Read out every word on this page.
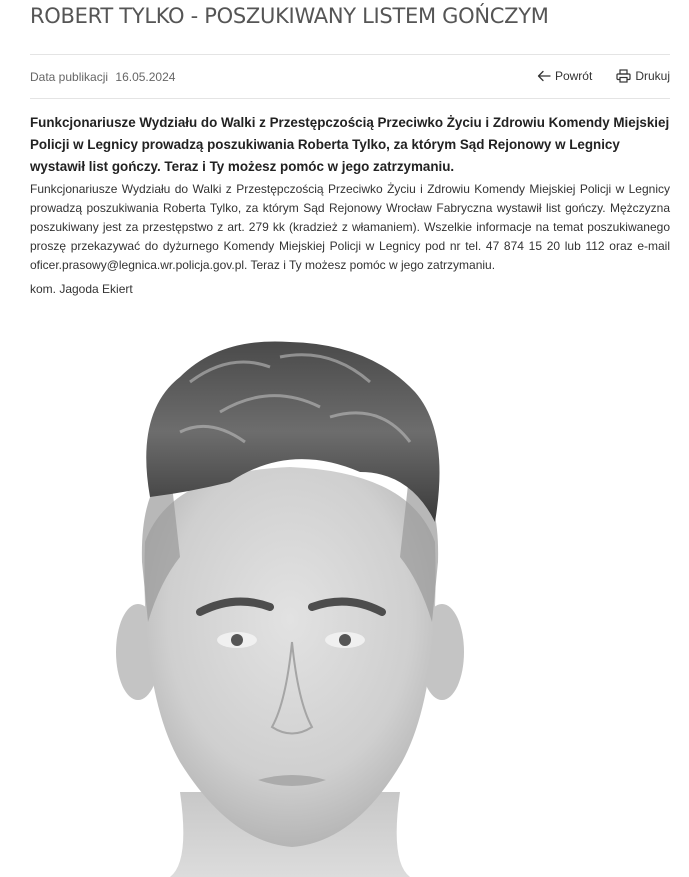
ROBERT TYLKO - POSZUKIWANY LISTEM GOŃCZYM
Data publikacji 16.05.2024	Powrót	Drukuj

Funkcjonariusze Wydziału do Walki z Przestępczością Przeciwko Życiu i Zdrowiu Komendy Miejskiej Policji w Legnicy prowadzą poszukiwania Roberta Tylko, za którym Sąd Rejonowy w Legnicy wystawił list gończy. Teraz i Ty możesz pomóc w jego zatrzymaniu.

Funkcjonariusze Wydziału do Walki z Przestępczością Przeciwko Życiu i Zdrowiu Komendy Miejskiej Policji w Legnicy prowadzą poszukiwania Roberta Tylko, za którym Sąd Rejonowy Wrocław Fabryczna wystawił list gończy. Mężczyzna poszukiwany jest za przestępstwo z art. 279 kk (kradzież z włamaniem). Wszelkie informacje na temat poszukiwanego proszę przekazywać do dyżurnego Komendy Miejskiej Policji w Legnicy pod nr tel. 47 874 15 20 lub 112 oraz e-mail oficer.prasowy@legnica.wr.policja.gov.pl. Teraz i Ty możesz pomóc w jego zatrzymaniu.

kom. Jagoda Ekiert
